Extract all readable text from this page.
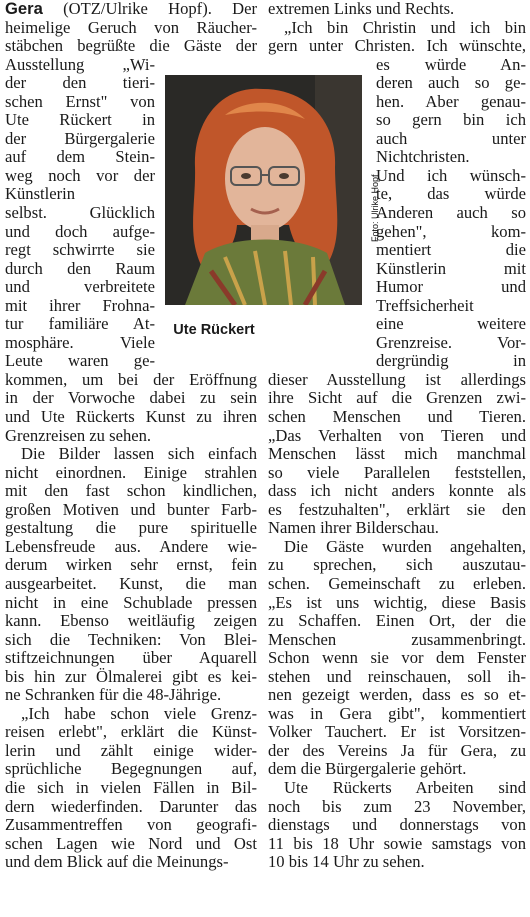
Gera (OTZ/Ulrike Hopf). Der
heimelige Geruch von Räucher-
stäbchen begrüßte die Gäste der
Ausstellung „Wi-
der den tieri-
schen Ernst" von
Ute Rückert in
der Bürgergalerie
auf dem Stein-
weg noch vor der
Künstlerin
selbst. Glücklich
und doch aufge-
regt schwirrte sie
durch den Raum
und verbreitete
mit ihrer Frohna-
tur familiäre At-
mosphäre. Viele
Leute waren ge-
kommen, um bei der Eröffnung
in der Vorwoche dabei zu sein
und Ute Rückerts Kunst zu ihren
Grenzreisen zu sehen.
Die Bilder lassen sich einfach
nicht einordnen. Einige strahlen
mit den fast schon kindlichen,
großen Motiven und bunter Farb-
gestaltung die pure spirituelle
Lebensfreude aus. Andere wie-
derum wirken sehr ernst, fein
ausgearbeitet. Kunst, die man
nicht in eine Schublade pressen
kann. Ebenso weitläufig zeigen
sich die Techniken: Von Blei-
stiftzeichnungen über Aquarell
bis hin zur Ölmalerei gibt es kei-
ne Schranken für die 48-Jährige.
„Ich habe schon viele Grenz-
reisen erlebt", erklärt die Künst-
lerin und zählt einige wider-
sprüchliche Begegnungen auf,
die sich in vielen Fällen in Bil-
dern wiederfinden. Darunter das
Zusammentreffen von geografi-
schen Lagen wie Nord und Ost
und dem Blick auf die Meinungs-
extremen Links und Rechts.
„Ich bin Christin und ich bin
gern unter Christen. Ich wünschte,
es würde An-
deren auch so ge-
hen. Aber genau-
so gern bin ich
auch unter
Nichtchristen.
Und ich wünsch-
te, das würde
Anderen auch so
gehen", kom-
mentiert die
Künstlerin mit
Humor und
Treffsicherheit
eine weitere
Grenzreise. Vor-
dergründig in
dieser Ausstellung ist allerdings
ihre Sicht auf die Grenzen zwi-
schen Menschen und Tieren.
„Das Verhalten von Tieren und
Menschen lässt mich manchmal
so viele Parallelen feststellen,
dass ich nicht anders konnte als
es festzuhalten", erklärt sie den
Namen ihrer Bilderschau.
Die Gäste wurden angehalten,
zu sprechen, sich auszutau-
schen. Gemeinschaft zu erleben.
„Es ist uns wichtig, diese Basis
zu Schaffen. Einen Ort, der die
Menschen zusammenbringt.
Schon wenn sie vor dem Fenster
stehen und reinschauen, soll ih-
nen gezeigt werden, dass es so et-
was in Gera gibt", kommentiert
Volker Tauchert. Er ist Vorsitzen-
der des Vereins Ja für Gera, zu
dem die Bürgergalerie gehört.
Ute Rückerts Arbeiten sind
noch bis zum 23 November,
dienstags und donnerstags von
11 bis 18 Uhr sowie samstags von
10 bis 14 Uhr zu sehen.
Foto: Ulrike Hopf
Ute Rückert
